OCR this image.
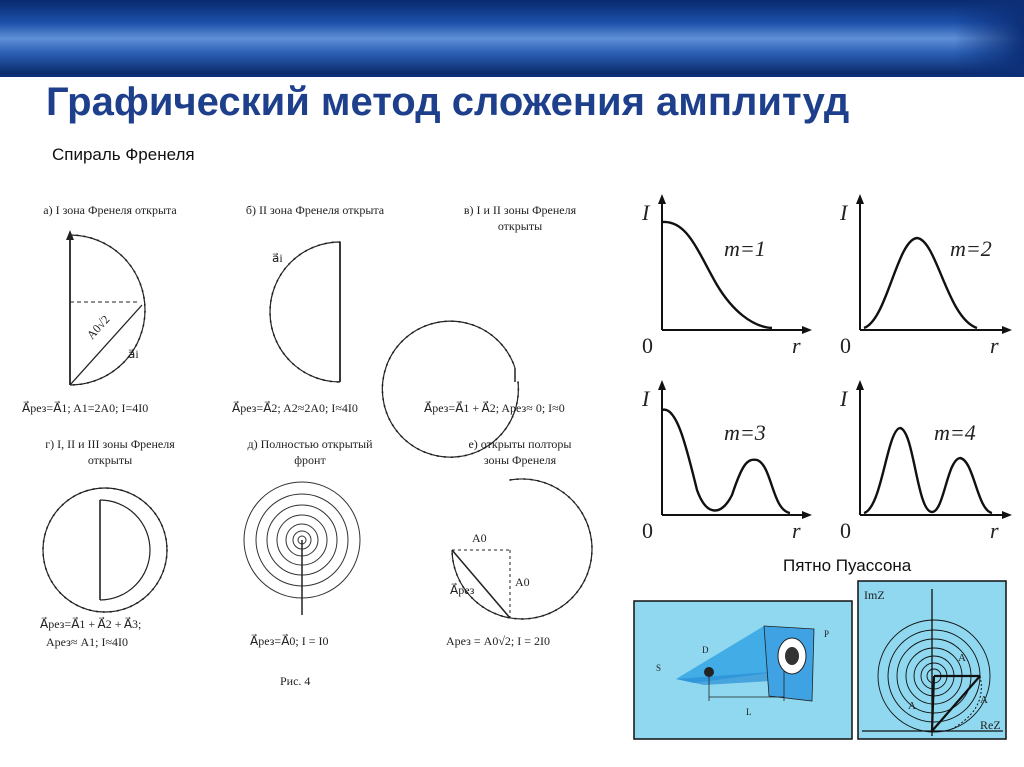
Графический метод сложения амплитуд
Спираль Френеля
а) I зона Френеля открыта
A0√2
a⃗i
A⃗рез=A⃗1; A1=2A0; I=4I0
б) II зона Френеля открыта
a⃗i
A⃗рез=A⃗2; A2≈2A0; I≈4I0
в) I и II зоны Френеля
открыты
A⃗рез=A⃗1 + A⃗2; Aрез≈ 0; I≈0
г) I, II и III зоны Френеля
открыты
A⃗рез=A⃗1 + A⃗2 + A⃗3;
Aрез≈ A1; I≈4I0
д) Полностью открытый
фронт
A⃗рез=A⃗0; I = I0
е) открыты полторы
зоны Френеля
A0
A0
A⃗рез
Aрез = A0√2; I = 2I0
Рис. 4
I
0	r
m=1
I
0	r
m=2
I
0	r
m=3
I
0	r
m=4
Пятно Пуассона
D
S
L
P
ImZ
ReZ
A
A
A
